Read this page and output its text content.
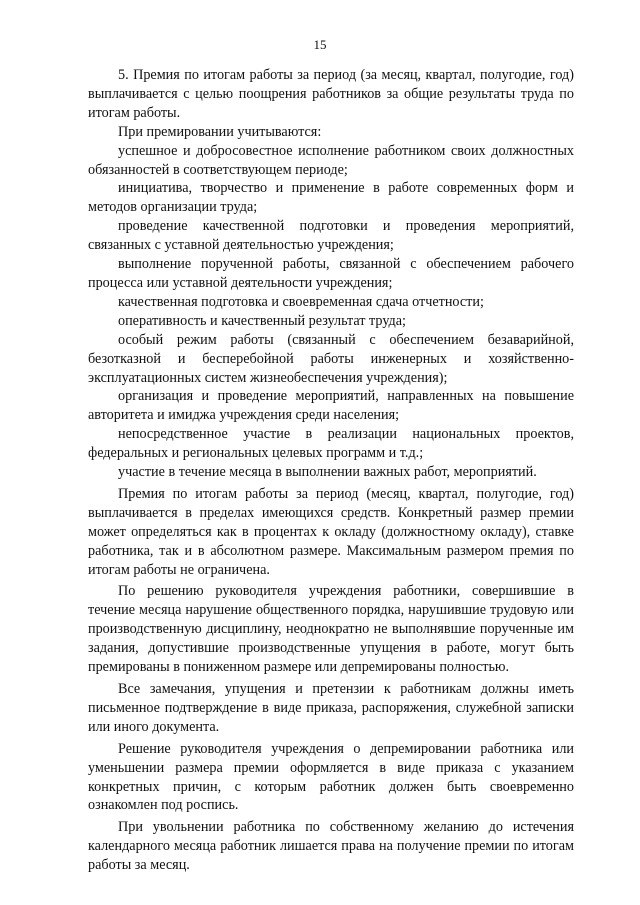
15

5. Премия по итогам работы за период (за месяц, квартал, полугодие, год) выплачивается с целью поощрения работников за общие результаты труда по итогам работы.

При премировании учитываются:

успешное и добросовестное исполнение работником своих должностных обязанностей в соответствующем периоде;

инициатива, творчество и применение в работе современных форм и методов организации труда;

проведение качественной подготовки и проведения мероприятий, связанных с уставной деятельностью учреждения;

выполнение порученной работы, связанной с обеспечением рабочего процесса или уставной деятельности учреждения;

качественная подготовка и своевременная сдача отчетности;

оперативность и качественный результат труда;

особый режим работы (связанный с обеспечением безаварийной, безотказной и бесперебойной работы инженерных и хозяйственно-эксплуатационных систем жизнеобеспечения учреждения);

организация и проведение мероприятий, направленных на повышение авторитета и имиджа учреждения среди населения;

непосредственное участие в реализации национальных проектов, федеральных и региональных целевых программ и т.д.;

участие в течение месяца в выполнении важных работ, мероприятий.

Премия по итогам работы за период (месяц, квартал, полугодие, год) выплачивается в пределах имеющихся средств. Конкретный размер премии может определяться как в процентах к окладу (должностному окладу), ставке работника, так и в абсолютном размере. Максимальным размером премия по итогам работы не ограничена.

По решению руководителя учреждения работники, совершившие в течение месяца нарушение общественного порядка, нарушившие трудовую или производственную дисциплину, неоднократно не выполнявшие порученные им задания, допустившие производственные упущения в работе, могут быть премированы в пониженном размере или депремированы полностью.

Все замечания, упущения и претензии к работникам должны иметь письменное подтверждение в виде приказа, распоряжения, служебной записки или иного документа.

Решение руководителя учреждения о депремировании работника или уменьшении размера премии оформляется в виде приказа с указанием конкретных причин, с которым работник должен быть своевременно ознакомлен под роспись.

При увольнении работника по собственному желанию до истечения календарного месяца работник лишается права на получение премии по итогам работы за месяц.
